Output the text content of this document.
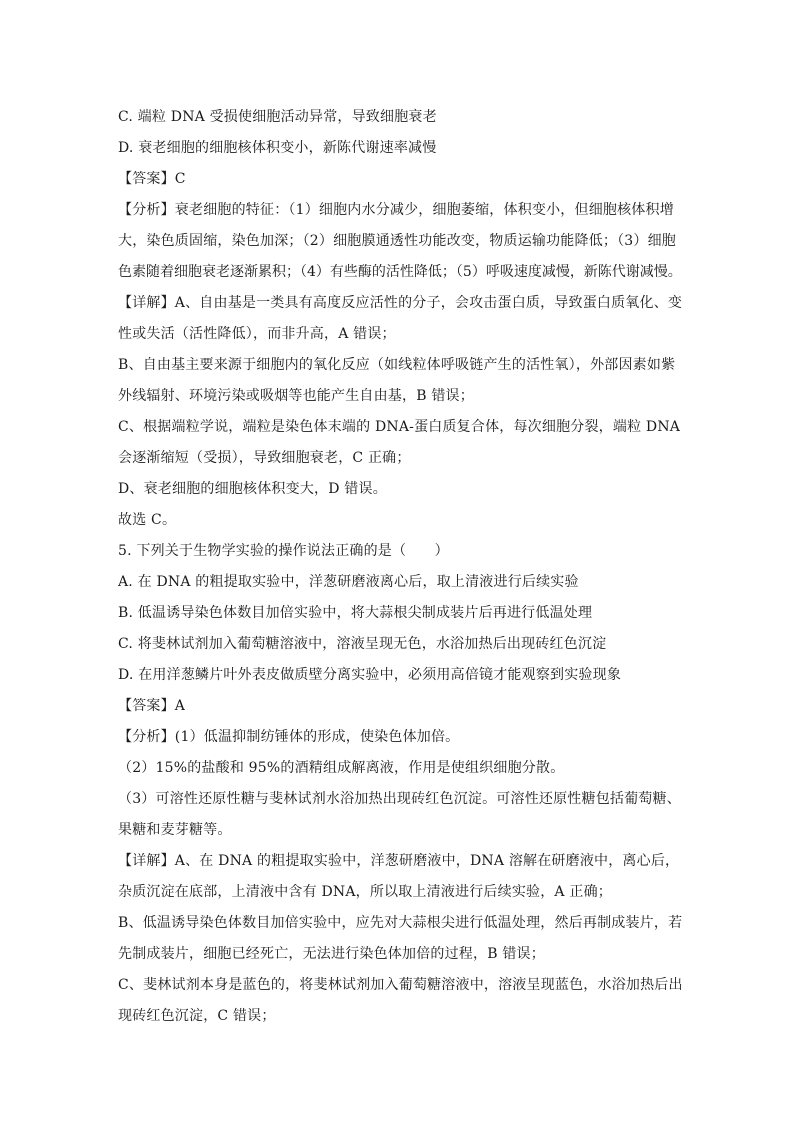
C. 端粒 DNA 受损使细胞活动异常，导致细胞衰老
D. 衰老细胞的细胞核体积变小，新陈代谢速率减慢
【答案】C
【分析】衰老细胞的特征：（1）细胞内水分减少，细胞萎缩，体积变小，但细胞核体积增
大，染色质固缩，染色加深；（2）细胞膜通透性功能改变，物质运输功能降低；（3）细胞
色素随着细胞衰老逐渐累积；（4）有些酶的活性降低；（5）呼吸速度减慢，新陈代谢减慢。
【详解】A、自由基是一类具有高度反应活性的分子，会攻击蛋白质，导致蛋白质氧化、变
性或失活（活性降低），而非升高，A 错误；
B、自由基主要来源于细胞内的氧化反应（如线粒体呼吸链产生的活性氧），外部因素如紫
外线辐射、环境污染或吸烟等也能产生自由基，B 错误；
C、根据端粒学说，端粒是染色体末端的 DNA-蛋白质复合体，每次细胞分裂，端粒 DNA
会逐渐缩短（受损），导致细胞衰老，C 正确；
D、衰老细胞的细胞核体积变大，D 错误。
故选 C。
5. 下列关于生物学实验的操作说法正确的是（　　）
A. 在 DNA 的粗提取实验中，洋葱研磨液离心后，取上清液进行后续实验
B. 低温诱导染色体数目加倍实验中，将大蒜根尖制成装片后再进行低温处理
C. 将斐林试剂加入葡萄糖溶液中，溶液呈现无色，水浴加热后出现砖红色沉淀
D. 在用洋葱鳞片叶外表皮做质壁分离实验中，必须用高倍镜才能观察到实验现象
【答案】A
【分析】(1）低温抑制纺锤体的形成，使染色体加倍。
（2）15%的盐酸和 95%的酒精组成解离液，作用是使组织细胞分散。
（3）可溶性还原性糖与斐林试剂水浴加热出现砖红色沉淀。可溶性还原性糖包括葡萄糖、
果糖和麦芽糖等。
【详解】A、在 DNA 的粗提取实验中，洋葱研磨液中，DNA 溶解在研磨液中，离心后，
杂质沉淀在底部，上清液中含有 DNA，所以取上清液进行后续实验，A 正确；
B、低温诱导染色体数目加倍实验中，应先对大蒜根尖进行低温处理，然后再制成装片，若
先制成装片，细胞已经死亡，无法进行染色体加倍的过程，B 错误；
C、斐林试剂本身是蓝色的，将斐林试剂加入葡萄糖溶液中，溶液呈现蓝色，水浴加热后出
现砖红色沉淀，C 错误；
